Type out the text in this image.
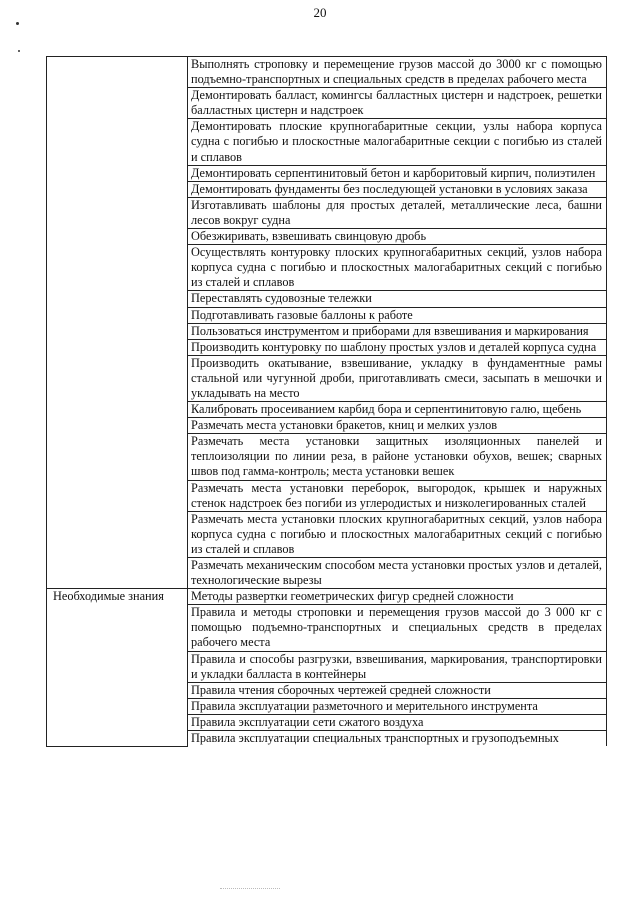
20
	Выполнять строповку и перемещение грузов массой до 3000 кг с помощью подъемно-транспортных и специальных средств в пределах рабочего места
	Демонтировать балласт, комингсы балластных цистерн и надстроек, решетки балластных цистерн и надстроек
	Демонтировать плоские крупногабаритные секции, узлы набора корпуса судна с погибью и плоскостные малогабаритные секции с погибью из сталей и сплавов
	Демонтировать серпентинитовый бетон и карборитовый кирпич, полиэтилен
	Демонтировать фундаменты без последующей установки в условиях заказа
	Изготавливать шаблоны для простых деталей, металлические леса, башни лесов вокруг судна
	Обезжиривать, взвешивать свинцовую дробь
	Осуществлять контуровку плоских крупногабаритных секций, узлов набора корпуса судна с погибью и плоскостных малогабаритных секций с погибью из сталей и сплавов
	Переставлять судовозные тележки
	Подготавливать газовые баллоны к работе
	Пользоваться инструментом и приборами для взвешивания и маркирования
	Производить контуровку по шаблону простых узлов и деталей корпуса судна
	Производить окатывание, взвешивание, укладку в фундаментные рамы стальной или чугунной дроби, приготавливать смеси, засыпать в мешочки и укладывать на место
	Калибровать просеиванием карбид бора и серпентинитовую галю, щебень
	Размечать места установки бракетов, книц и мелких узлов
	Размечать места установки защитных изоляционных панелей и теплоизоляции по линии реза, в районе установки обухов, вешек; сварных швов под гамма-контроль; места установки вешек
	Размечать места установки переборок, выгородок, крышек и наружных стенок надстроек без погиби из углеродистых и низколегированных сталей
	Размечать места установки плоских крупногабаритных секций, узлов набора корпуса судна с погибью и плоскостных малогабаритных секций с погибью из сталей и сплавов
	Размечать механическим способом места установки простых узлов и деталей, технологические вырезы
Необходимые знания	Методы развертки геометрических фигур средней сложности
	Правила и методы строповки и перемещения грузов массой до 3 000 кг с помощью подъемно-транспортных и специальных средств в пределах рабочего места
	Правила и способы разгрузки, взвешивания, маркирования, транспортировки и укладки балласта в контейнеры
	Правила чтения сборочных чертежей средней сложности
	Правила эксплуатации разметочного и мерительного инструмента
	Правила эксплуатации сети сжатого воздуха
	Правила эксплуатации специальных транспортных и грузоподъемных
